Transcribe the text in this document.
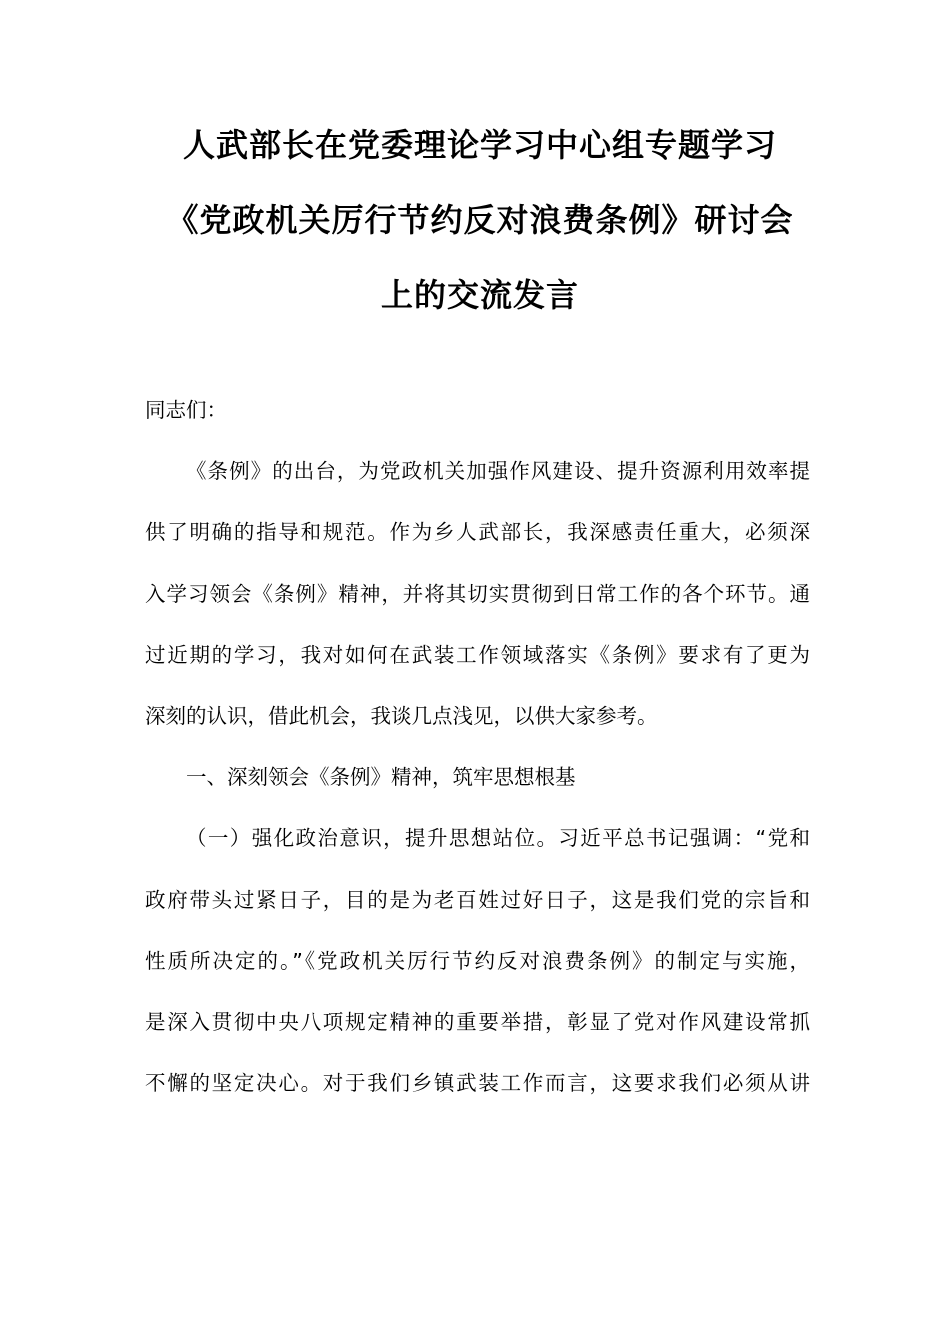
人武部长在党委理论学习中心组专题学习
《党政机关厉行节约反对浪费条例》研讨会
上的交流发言
同志们：
《条例》的出台，为党政机关加强作风建设、提升资源利用效率提
供了明确的指导和规范。作为乡人武部长，我深感责任重大，必须深
入学习领会《条例》精神，并将其切实贯彻到日常工作的各个环节。通
过近期的学习，我对如何在武装工作领域落实《条例》要求有了更为
深刻的认识，借此机会，我谈几点浅见，以供大家参考。
一、深刻领会《条例》精神，筑牢思想根基
（一）强化政治意识，提升思想站位。习近平总书记强调：“党和
政府带头过紧日子，目的是为老百姓过好日子，这是我们党的宗旨和
性质所决定的。”《党政机关厉行节约反对浪费条例》的制定与实施，
是深入贯彻中央八项规定精神的重要举措，彰显了党对作风建设常抓
不懈的坚定决心。对于我们乡镇武装工作而言，这要求我们必须从讲
